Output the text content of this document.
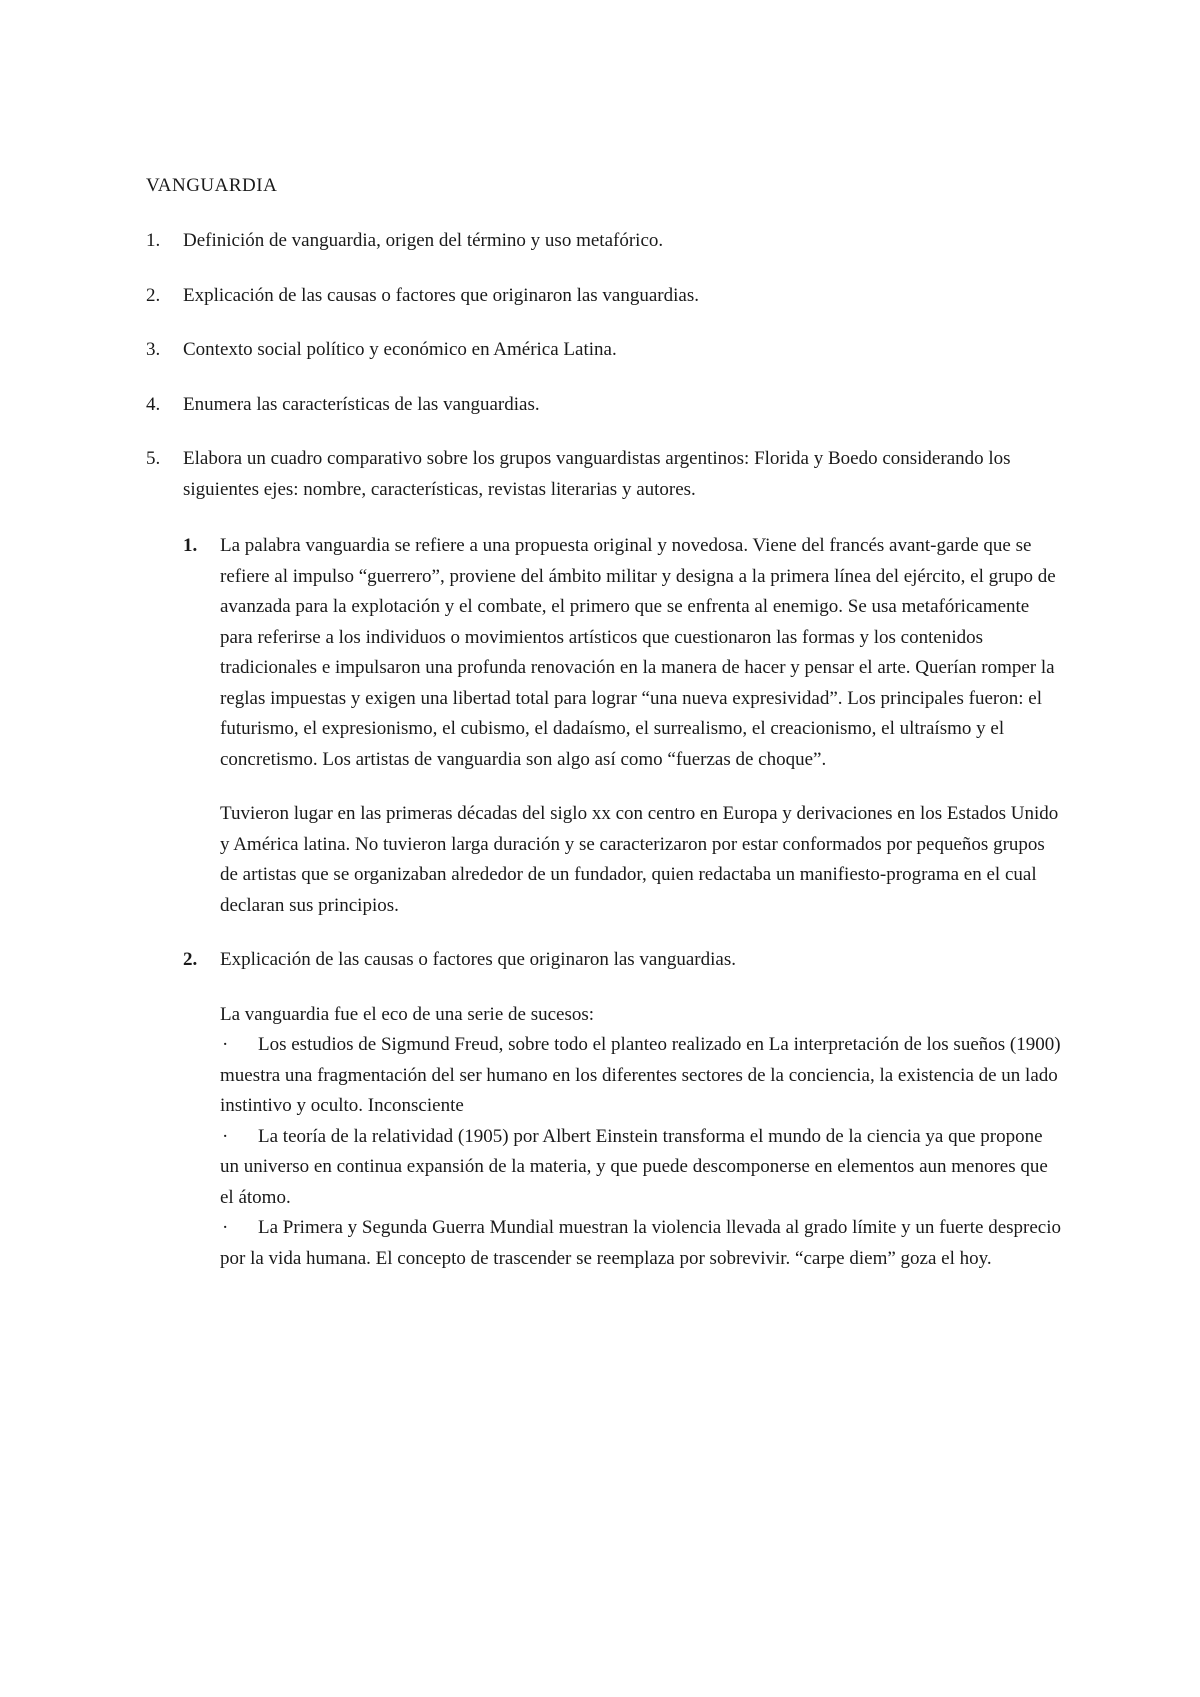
VANGUARDIA
1. Definición de vanguardia, origen del término y uso metafórico.
2. Explicación de las causas o factores que originaron las vanguardias.
3. Contexto social político y económico en América Latina.
4. Enumera las características de las vanguardias.
5. Elabora un cuadro comparativo sobre los grupos vanguardistas argentinos: Florida y Boedo considerando los siguientes ejes: nombre, características, revistas literarias y autores.
1. La palabra vanguardia se refiere a una propuesta original y novedosa. Viene del francés avant-garde que se refiere al impulso “guerrero”, proviene del ámbito militar y designa a la primera línea del ejército, el grupo de avanzada para la explotación y el combate, el primero que se enfrenta al enemigo. Se usa metafóricamente para referirse a los individuos o movimientos artísticos que cuestionaron las formas y los contenidos tradicionales e impulsaron una profunda renovación en la manera de hacer y pensar el arte. Querían romper la reglas impuestas y exigen una libertad total para lograr “una nueva expresividad”. Los principales fueron: el futurismo, el expresionismo, el cubismo, el dadaísmo, el surrealismo, el creacionismo, el ultraísmo y el concretismo. Los artistas de vanguardia son algo así como “fuerzas de choque”.

Tuvieron lugar en las primeras décadas del siglo xx con centro en Europa y derivaciones en los Estados Unido y América latina. No tuvieron larga duración y se caracterizaron por estar conformados por pequeños grupos de artistas que se organizaban alrededor de un fundador, quien redactaba un manifiesto-programa en el cual declaran sus principios.

2. Explicación de las causas o factores que originaron las vanguardias.

La vanguardia fue el eco de una serie de sucesos:

· Los estudios de Sigmund Freud, sobre todo el planteo realizado en La interpretación de los sueños (1900) muestra una fragmentación del ser humano en los diferentes sectores de la conciencia, la existencia de un lado instintivo y oculto. Inconsciente

· La teoría de la relatividad (1905) por Albert Einstein transforma el mundo de la ciencia ya que propone un universo en continua expansión de la materia, y que puede descomponerse en elementos aun menores que el átomo.

· La Primera y Segunda Guerra Mundial muestran la violencia llevada al grado límite y un fuerte desprecio por la vida humana. El concepto de trascender se reemplaza por sobrevivir. “carpe diem” goza el hoy.
